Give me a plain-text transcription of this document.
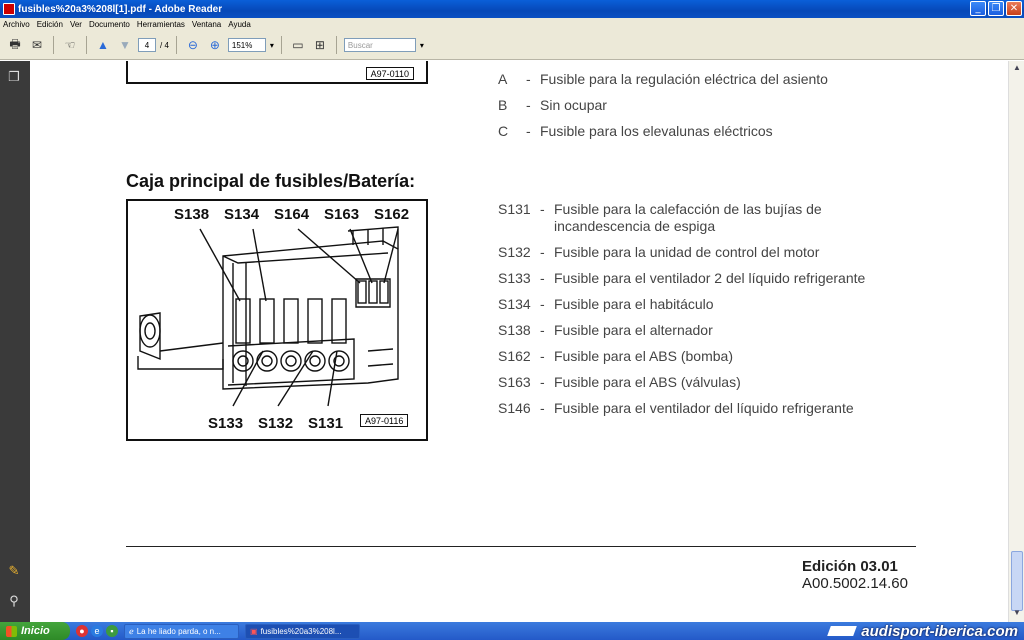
fusibles%20a3%208l[1].pdf - Adobe Reader	_	❐ ✕
Archivo Edición Ver Documento Herramientas Ventana Ayuda
🖶 ✉	☜	▲ ▼	4	/ 4	⊖ ⊕	151% ▾ ▭ ⊞	Buscar	▾
❐
✎
⚲
A97-0110	A - Fusible para la regulación eléctrica del asiento
B - Sin ocupar
C - Fusible para los elevalunas eléctricos
Caja principal de fusibles/Batería:
S138 S134 S164 S163 S162
S133 S132 S131	A97-0116
S131 - Fusible para la calefacción de las bujías de
incandescencia de espiga
S132 - Fusible para la unidad de control del motor
S133 - Fusible para el ventilador 2 del líquido refrigerante
S134 - Fusible para el habitáculo
S138 - Fusible para el alternador
S162 - Fusible para el ABS (bomba)
S163 - Fusible para el ABS (válvulas)
S146 - Fusible para el ventilador del líquido refrigerante
Edición 03.01
A00.5002.14.60
▲
▼
Inicio	●	e	▪	ℯ La he liado parda, o n...	▣ fusibles%20a3%208l...	audisport-iberica.com
